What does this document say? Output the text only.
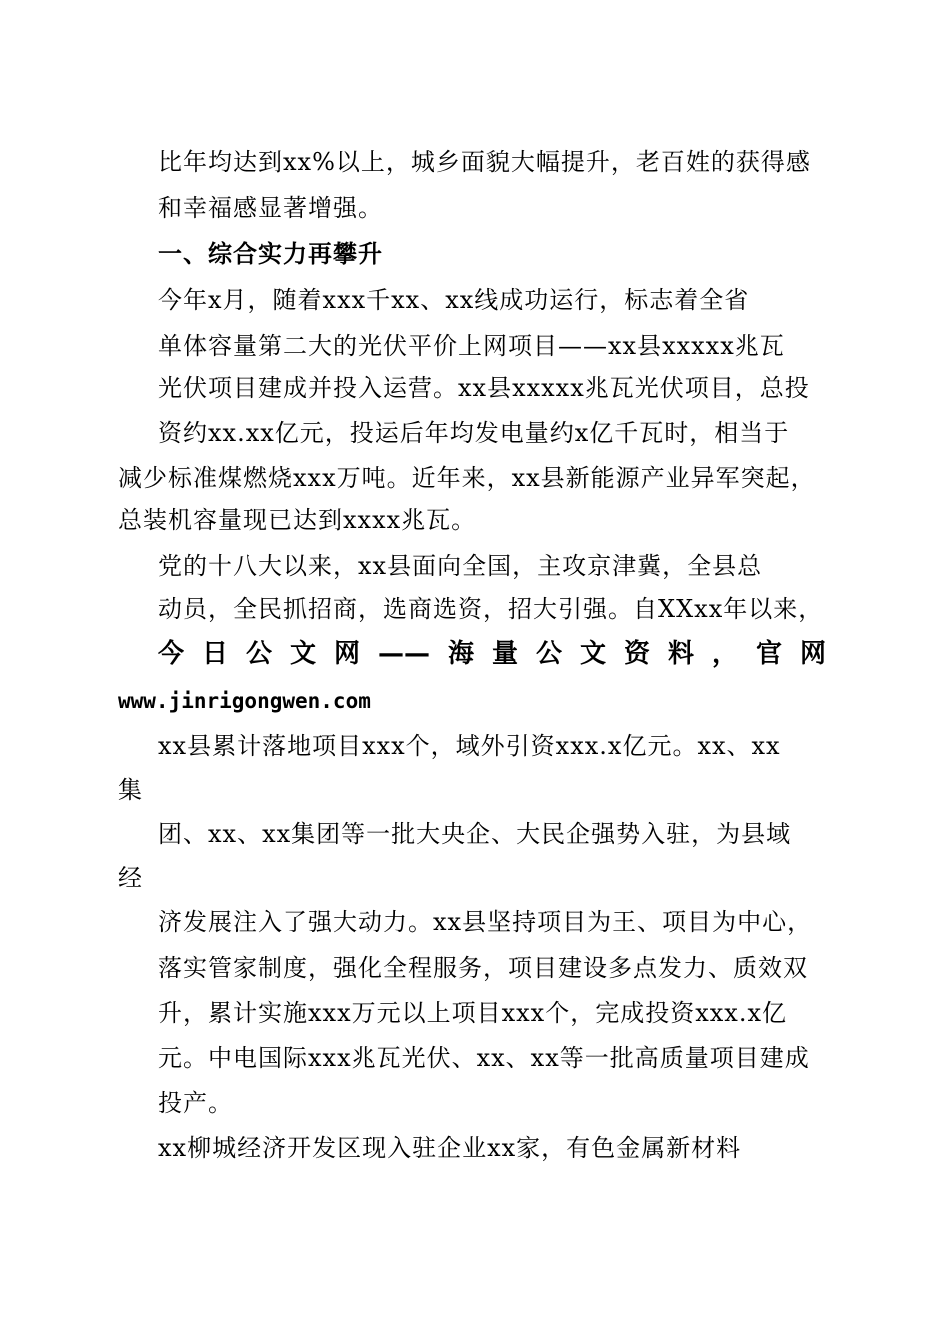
比年均达到xx%以上，城乡面貌大幅提升，老百姓的获得感
和幸福感显著增强。
一、综合实力再攀升
今年x月，随着xxx千xx、xx线成功运行，标志着全省
单体容量第二大的光伏平价上网项目——xx县xxxxx兆瓦
光伏项目建成并投入运营。xx县xxxxx兆瓦光伏项目，总投
资约xx.xx亿元，投运后年均发电量约x亿千瓦时，相当于
减少标准煤燃烧xxx万吨。近年来，xx县新能源产业异军突起，
总装机容量现已达到xxxx兆瓦。
党的十八大以来，xx县面向全国，主攻京津冀，全县总
动员，全民抓招商，选商选资，招大引强。自XXxx年以来，
今日公文网——海量公文资料，官网
www.jinrigongwen.com
xx县累计落地项目xxx个，域外引资xxx.x亿元。xx、xx
集
团、xx、xx集团等一批大央企、大民企强势入驻，为县域
经
济发展注入了强大动力。xx县坚持项目为王、项目为中心，
落实管家制度，强化全程服务，项目建设多点发力、质效双
升，累计实施xxx万元以上项目xxx个，完成投资xxx.x亿
元。中电国际xxx兆瓦光伏、xx、xx等一批高质量项目建成
投产。
xx柳城经济开发区现入驻企业xx家，有色金属新材料
